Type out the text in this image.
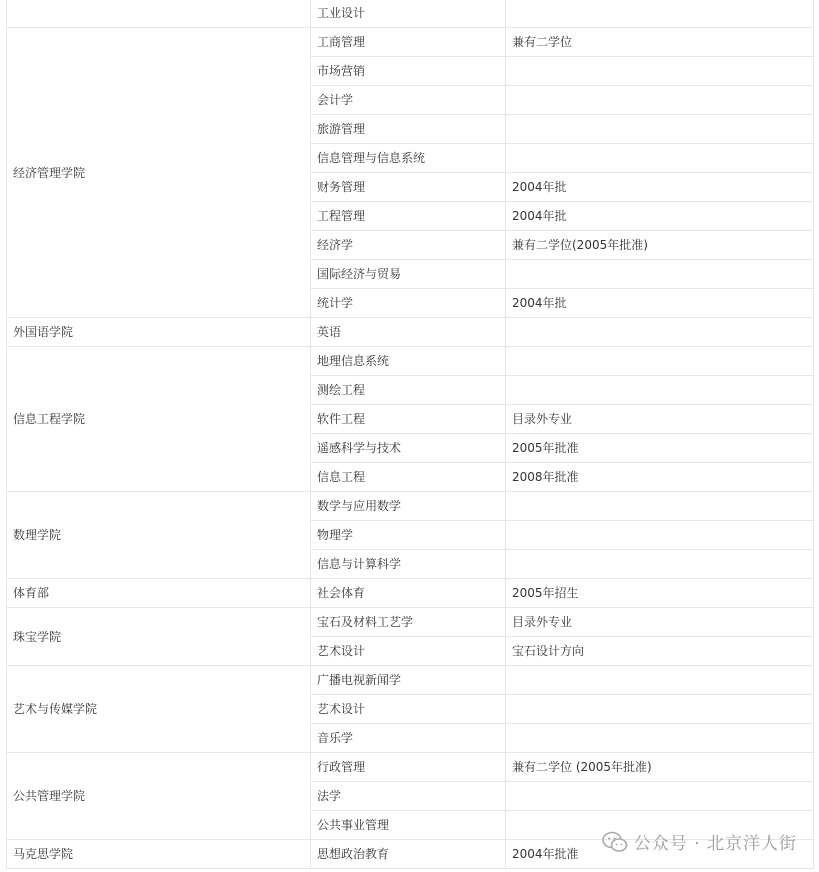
	工业设计	
经济管理学院	工商管理	兼有二学位
	市场营销	
	会计学	
	旅游管理	
	信息管理与信息系统	
	财务管理	2004年批
	工程管理	2004年批
	经济学	兼有二学位(2005年批准)
	国际经济与贸易	
	统计学	2004年批
外国语学院	英语	
信息工程学院	地理信息系统	
	测绘工程	
	软件工程	目录外专业
	遥感科学与技术	2005年批准
	信息工程	2008年批准
数理学院	数学与应用数学	
	物理学	
	信息与计算科学	
体育部	社会体育	2005年招生
珠宝学院	宝石及材料工艺学	目录外专业
	艺术设计	宝石设计方向
艺术与传媒学院	广播电视新闻学	
	艺术设计	
	音乐学	
公共管理学院	行政管理	兼有二学位 (2005年批准)
	法学	
	公共事业管理	
马克思学院	思想政治教育	2004年批准	公众号 · 北京洋人街
